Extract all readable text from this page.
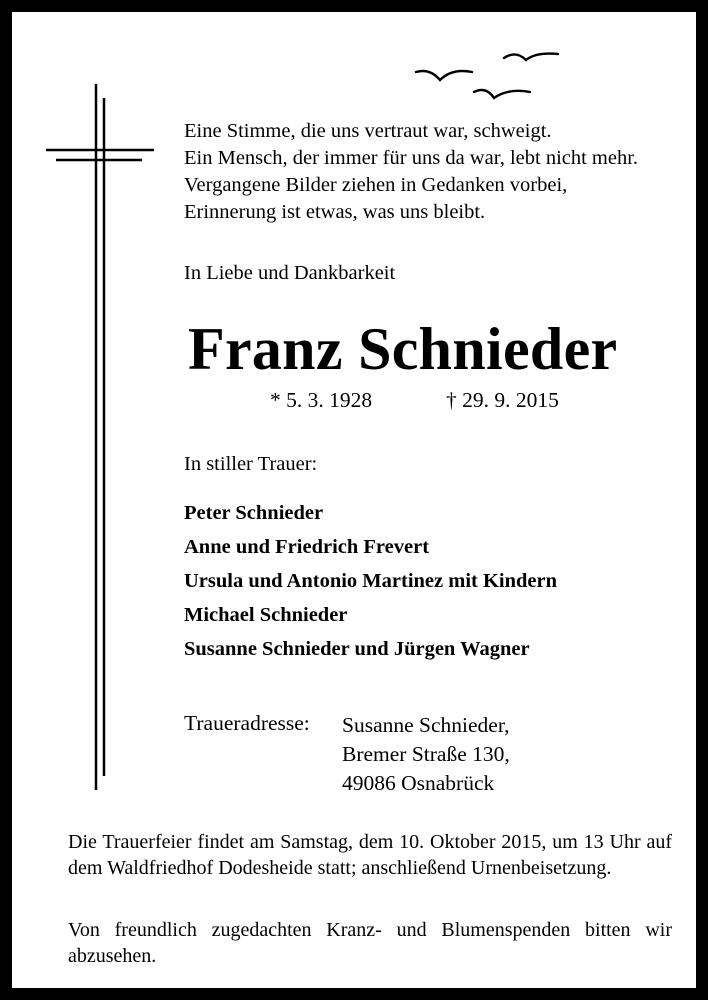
Eine Stimme, die uns vertraut war, schweigt.
Ein Mensch, der immer für uns da war, lebt nicht mehr.
Vergangene Bilder ziehen in Gedanken vorbei,
Erinnerung ist etwas, was uns bleibt.
In Liebe und Dankbarkeit
Franz Schnieder
* 5. 3. 1928	† 29. 9. 2015
In stiller Trauer:
Peter Schnieder
Anne und Friedrich Frevert
Ursula und Antonio Martinez mit Kindern
Michael Schnieder
Susanne Schnieder und Jürgen Wagner
Traueradresse: Susanne Schnieder,
Bremer Straße 130,
49086 Osnabrück
Die Trauerfeier findet am Samstag, dem 10. Oktober 2015, um 13 Uhr auf dem Waldfriedhof Dodesheide statt; anschließend Urnenbeisetzung.
Von freundlich zugedachten Kranz- und Blumenspenden bitten wir abzusehen.
